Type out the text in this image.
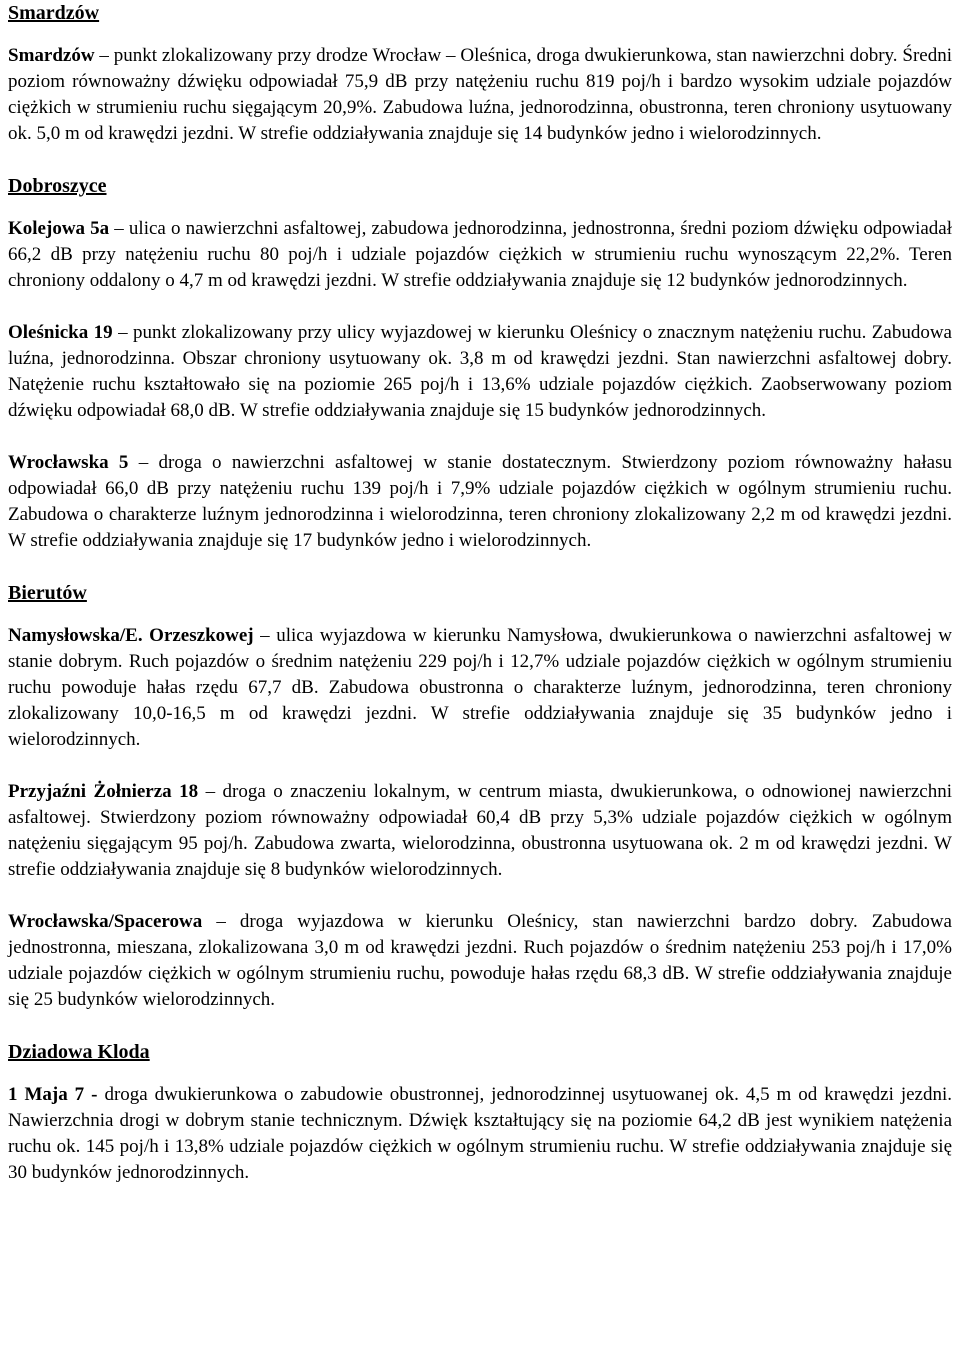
Smardzów

Smardzów – punkt zlokalizowany przy drodze Wrocław – Oleśnica, droga dwukierunkowa, stan nawierzchni dobry. Średni poziom równoważny dźwięku odpowiadał 75,9 dB przy natężeniu ruchu 819 poj/h i bardzo wysokim udziale pojazdów ciężkich w strumieniu ruchu sięgającym 20,9%. Zabudowa luźna, jednorodzinna, obustronna, teren chroniony usytuowany ok. 5,0 m od krawędzi jezdni. W strefie oddziaływania znajduje się 14 budynków jedno i wielorodzinnych.

Dobroszyce

Kolejowa 5a – ulica o nawierzchni asfaltowej, zabudowa jednorodzinna, jednostronna, średni poziom dźwięku odpowiadał 66,2 dB przy natężeniu ruchu 80 poj/h i udziale pojazdów ciężkich w strumieniu ruchu wynoszącym 22,2%. Teren chroniony oddalony o 4,7 m od krawędzi jezdni. W strefie oddziaływania znajduje się 12 budynków jednorodzinnych.

Oleśnicka 19 – punkt zlokalizowany przy ulicy wyjazdowej w kierunku Oleśnicy o znacznym natężeniu ruchu. Zabudowa luźna, jednorodzinna. Obszar chroniony usytuowany ok. 3,8 m od krawędzi jezdni. Stan nawierzchni asfaltowej dobry. Natężenie ruchu kształtowało się na poziomie 265 poj/h i 13,6% udziale pojazdów ciężkich. Zaobserwowany poziom dźwięku odpowiadał 68,0 dB. W strefie oddziaływania znajduje się 15 budynków jednorodzinnych.

Wrocławska 5 – droga o nawierzchni asfaltowej w stanie dostatecznym. Stwierdzony poziom równoważny hałasu odpowiadał 66,0 dB przy natężeniu ruchu 139 poj/h i 7,9% udziale pojazdów ciężkich w ogólnym strumieniu ruchu. Zabudowa o charakterze luźnym jednorodzinna i wielorodzinna, teren chroniony zlokalizowany 2,2 m od krawędzi jezdni. W strefie oddziaływania znajduje się 17 budynków jedno i wielorodzinnych.

Bierutów

Namysłowska/E. Orzeszkowej – ulica wyjazdowa w kierunku Namysłowa, dwukierunkowa o nawierzchni asfaltowej w stanie dobrym. Ruch pojazdów o średnim natężeniu 229 poj/h i 12,7% udziale pojazdów ciężkich w ogólnym strumieniu ruchu powoduje hałas rzędu 67,7 dB. Zabudowa obustronna o charakterze luźnym, jednorodzinna, teren chroniony zlokalizowany 10,0-16,5 m od krawędzi jezdni. W strefie oddziaływania znajduje się 35 budynków jedno i wielorodzinnych.

Przyjaźni Żołnierza 18 – droga o znaczeniu lokalnym, w centrum miasta, dwukierunkowa, o odnowionej nawierzchni asfaltowej. Stwierdzony poziom równoważny odpowiadał 60,4 dB przy 5,3% udziale pojazdów ciężkich w ogólnym natężeniu sięgającym 95 poj/h. Zabudowa zwarta, wielorodzinna, obustronna usytuowana ok. 2 m od krawędzi jezdni. W strefie oddziaływania znajduje się 8 budynków wielorodzinnych.

Wrocławska/Spacerowa – droga wyjazdowa w kierunku Oleśnicy, stan nawierzchni bardzo dobry. Zabudowa jednostronna, mieszana, zlokalizowana 3,0 m od krawędzi jezdni. Ruch pojazdów o średnim natężeniu 253 poj/h i 17,0% udziale pojazdów ciężkich w ogólnym strumieniu ruchu, powoduje hałas rzędu 68,3 dB. W strefie oddziaływania znajduje się 25 budynków wielorodzinnych.

Dziadowa Kloda

1 Maja 7 - droga dwukierunkowa o zabudowie obustronnej, jednorodzinnej usytuowanej ok. 4,5 m od krawędzi jezdni. Nawierzchnia drogi w dobrym stanie technicznym. Dźwięk kształtujący się na poziomie 64,2 dB jest wynikiem natężenia ruchu ok. 145 poj/h i 13,8% udziale pojazdów ciężkich w ogólnym strumieniu ruchu. W strefie oddziaływania znajduje się 30 budynków jednorodzinnych.
